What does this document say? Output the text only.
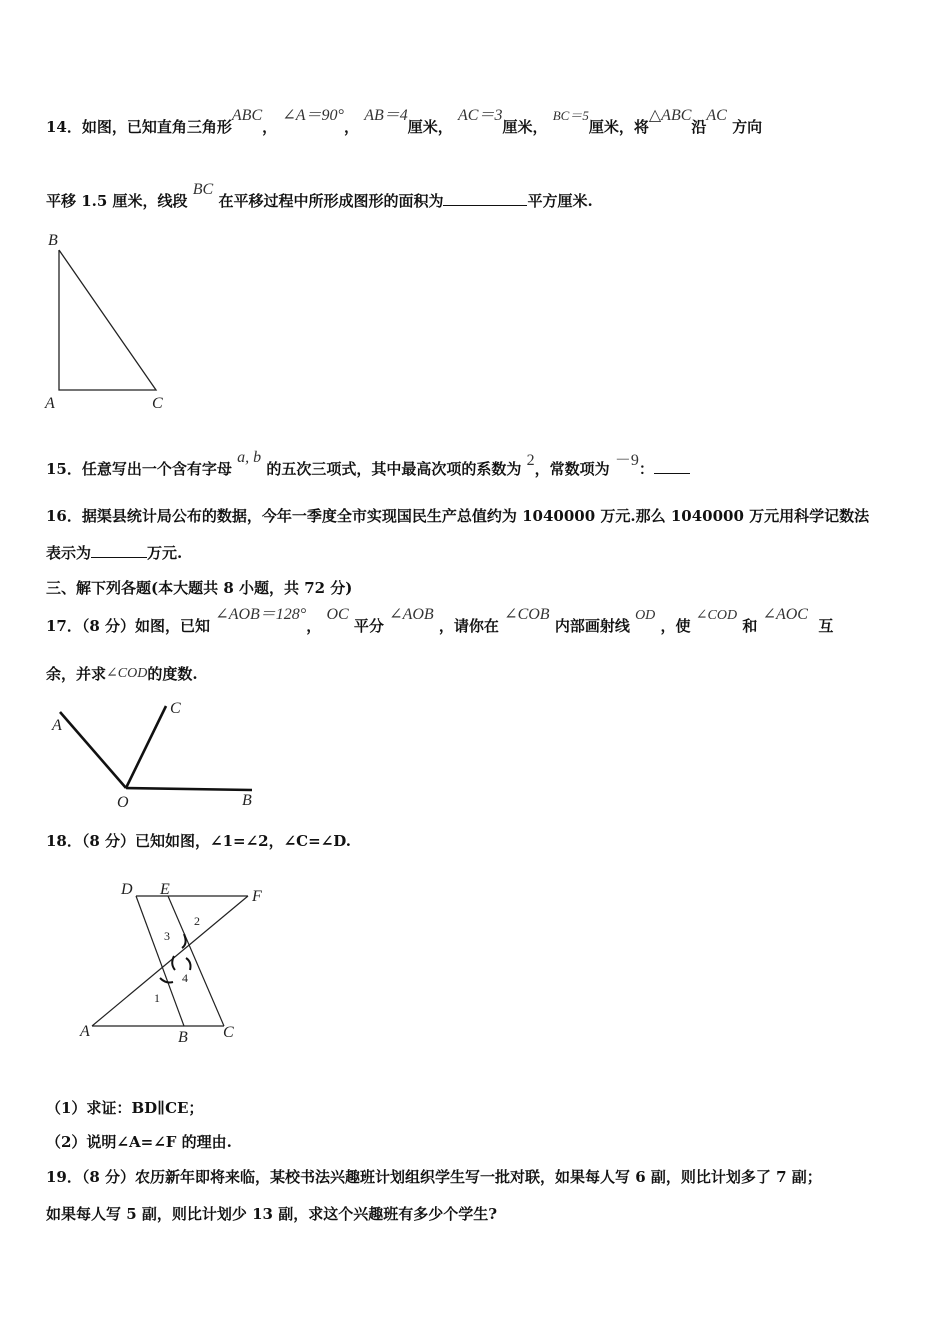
14．如图，已知直角三角形ABC， ∠A＝90°， AB＝4厘米， AC＝3厘米， BC＝5厘米，将△ABC沿AC 方向
平移 1.5 厘米，线段 BC 在平移过程中所形成图形的面积为	平方厘米.
B
A	C
15．任意写出一个含有字母 a, b 的五次三项式，其中最高次项的系数为 2，常数项为 －9：
16．据渠县统计局公布的数据，今年一季度全市实现国民生产总值约为 1040000 万元.那么 1040000 万元用科学记数法
表示为	万元.
三、解下列各题(本大题共 8 小题，共 72 分)
17．（8 分）如图，已知 ∠AOB＝128°， OC 平分 ∠AOB ，请你在 ∠COB 内部画射线 OD ，使 ∠COD 和 ∠AOC  互
余，并求∠COD的度数.
A
C
O	B
18．（8 分）已知如图，∠1=∠2，∠C=∠D.
D E	F
A	B C
1
2
3
4
（1）求证：BD∥CE；
（2）说明∠A=∠F 的理由.
19．（8 分）农历新年即将来临，某校书法兴趣班计划组织学生写一批对联，如果每人写 6 副，则比计划多了 7 副；
如果每人写 5 副，则比计划少 13 副，求这个兴趣班有多少个学生?
